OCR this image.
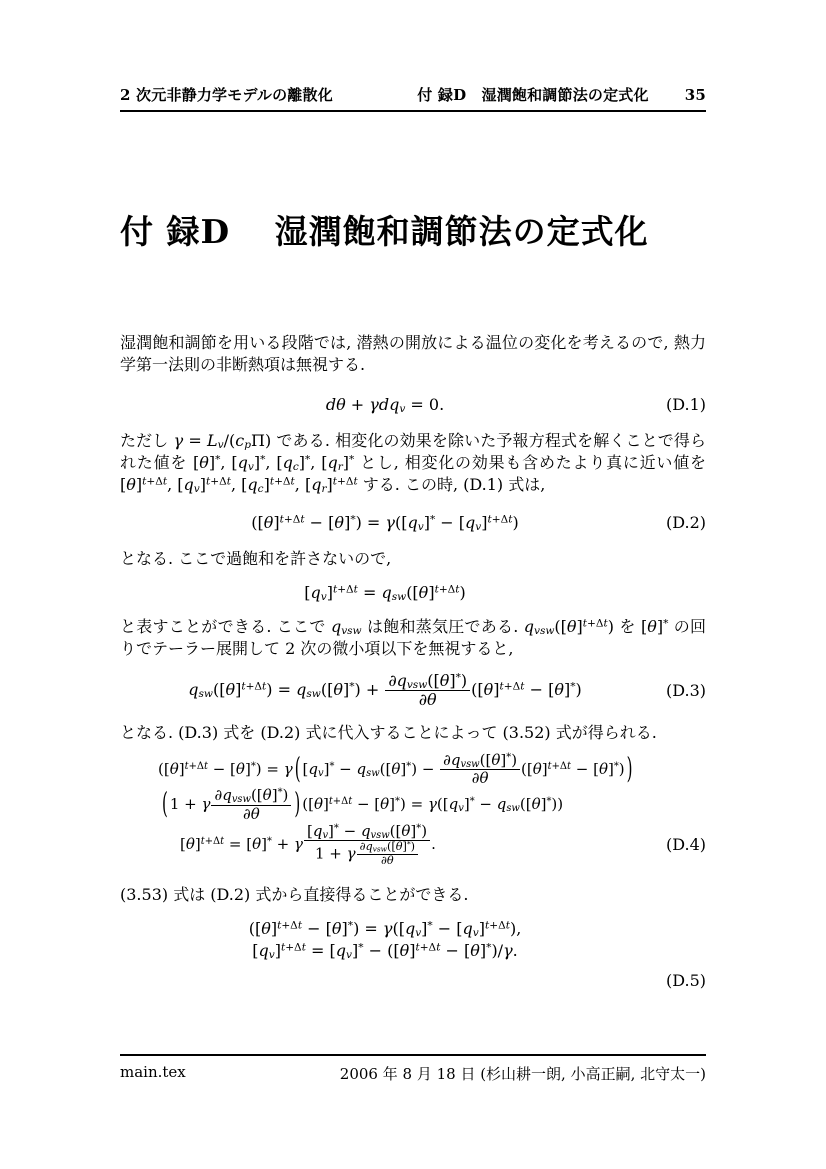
2 次元非静力学モデルの離散化	付 録D　湿潤飽和調節法の定式化 35
付 録D 湿潤飽和調節法の定式化

湿潤飽和調節を用いる段階では, 潜熱の開放による温位の変化を考えるので, 熱力学第一法則の非断熱項は無視する.

dθ + γdq$_v$ = 0.	(D.1)

ただし $\gamma = L_v/(c_p\Pi)$ である. 相変化の効果を除いた予報方程式を解くことで得られた値を [θ]*, $[q_v]^*$, $[q_c]^*$, $[q_r]^*$ とし, 相変化の効果も含めたより真に近い値を $[\theta]^{t+\Delta t}$, $[q_v]^{t+\Delta t}$, $[q_c]^{t+\Delta t}$, $[q_r]^{t+\Delta t}$ する. この時, (D.1) 式は,

$([\theta]^{t+\Delta t} - [\theta]^*) = \gamma([q_v]^* - [q_v]^{t+\Delta t})$	(D.2)

となる. ここで過飽和を許さないので,

$[q_v]^{t+\Delta t} = q_{sw}([\theta]^{t+\Delta t})$

と表すことができる. ここで $q_{vsw}$ は飽和蒸気圧である. $q_{vsw}([\theta]^{t+\Delta t})$ を [θ]* の回りでテーラー展開して 2 次の微小項以下を無視すると,

$q_{sw}([\theta]^{t+\Delta t}) = q_{sw}([\theta]^*) + \frac{\partial q_{vsw}([\theta]^*)}{\partial\theta} ([\theta]^{t+\Delta t} - [\theta]^*)$	(D.3)

となる. (D.3) 式を (D.2) 式に代入することによって (3.52) 式が得られる.

$([\theta]^{t+\Delta t} - [\theta]^*) = \gamma$ ( $[q_v]^* - q_{sw}([\theta]^*) - \frac{\partial q_{vsw}([\theta]^*)}{\partial\theta} ([\theta]^{t+\Delta t} - [\theta]^*)$ )
( 1 + γ $\frac{\partial q_{vsw}([\theta]^*)}{\partial\theta}$ ) $([\theta]^{t+\Delta t} - [\theta]^*) = \gamma([q_v]^* - q_{sw}([\theta]^*))$
$[\theta]^{t+\Delta t} = [\theta]^* + \gamma \frac{[q_v]^* - q_{vsw}([\theta]^*)}{1 + \gamma \frac{\partial q_{vsw}([\theta]^*)}{\partial\theta}}$ .	(D.4)

(3.53) 式は (D.2) 式から直接得ることができる.

$([\theta]^{t+\Delta t} - [\theta]^*) = \gamma([q_v]^* - [q_v]^{t+\Delta t})$,
$[q_v]^{t+\Delta t} = [q_v]^* - ([\theta]^{t+\Delta t} - [\theta]^*)/\gamma$.
(D.5)
main.tex	2006 年 8 月 18 日 (杉山耕一朗, 小高正嗣, 北守太一)
